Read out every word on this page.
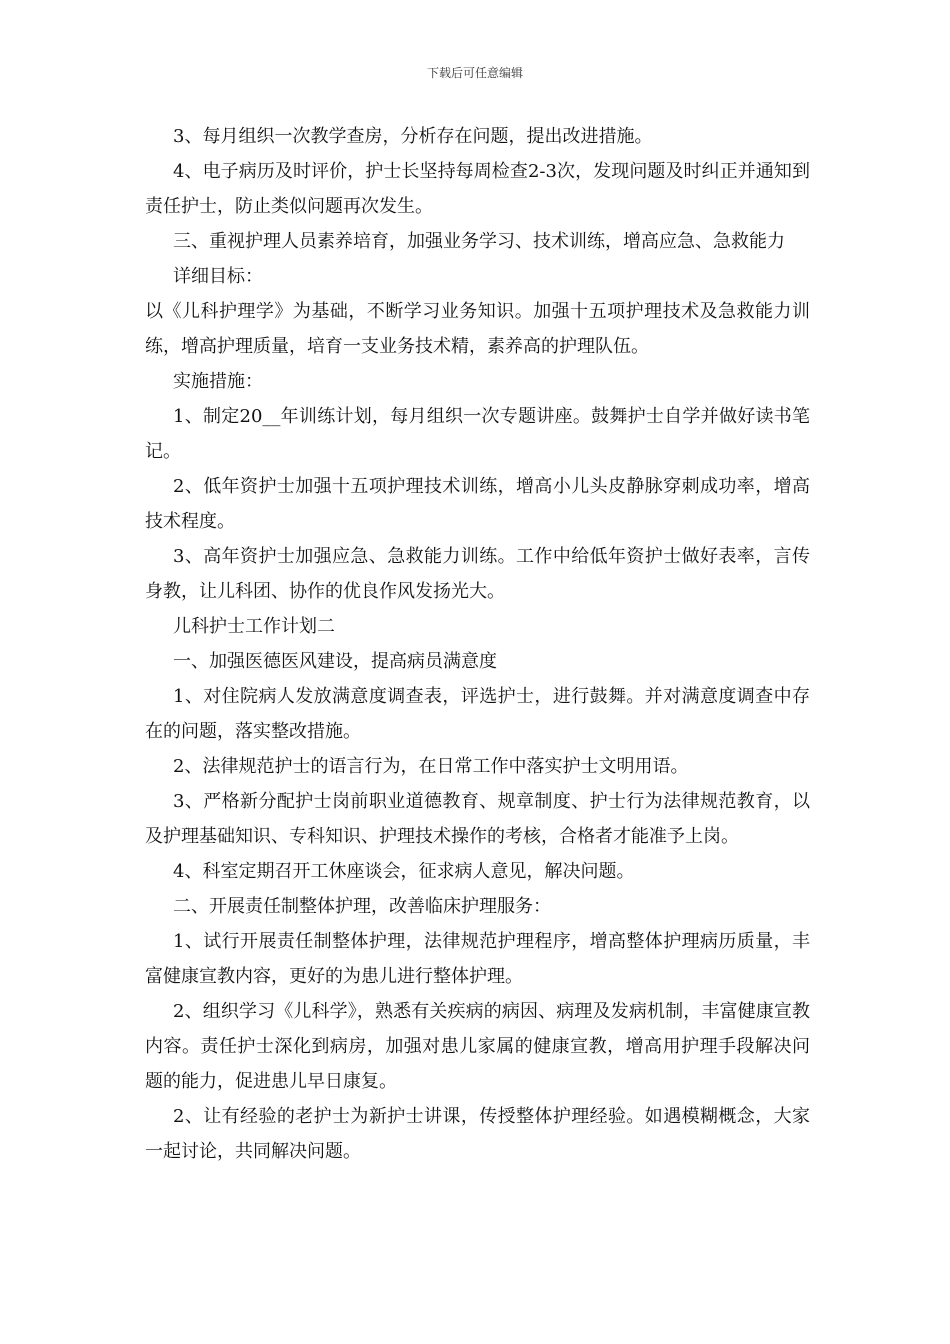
下载后可任意编辑

3、每月组织一次教学查房，分析存在问题，提出改进措施。

4、电子病历及时评价，护士长坚持每周检查2-3次，发现问题及时纠正并通知到责任护士，防止类似问题再次发生。

三、重视护理人员素养培育，加强业务学习、技术训练，增高应急、急救能力

详细目标：

以《儿科护理学》为基础，不断学习业务知识。加强十五项护理技术及急救能力训练，增高护理质量，培育一支业务技术精，素养高的护理队伍。

实施措施：

1、制定20__年训练计划，每月组织一次专题讲座。鼓舞护士自学并做好读书笔记。

2、低年资护士加强十五项护理技术训练，增高小儿头皮静脉穿刺成功率，增高技术程度。

3、高年资护士加强应急、急救能力训练。工作中给低年资护士做好表率，言传身教，让儿科团、协作的优良作风发扬光大。

儿科护士工作计划二

一、加强医德医风建设，提高病员满意度

1、对住院病人发放满意度调查表，评选护士，进行鼓舞。并对满意度调查中存在的问题，落实整改措施。

2、法律规范护士的语言行为，在日常工作中落实护士文明用语。

3、严格新分配护士岗前职业道德教育、规章制度、护士行为法律规范教育，以及护理基础知识、专科知识、护理技术操作的考核，合格者才能准予上岗。

4、科室定期召开工休座谈会，征求病人意见，解决问题。

二、开展责任制整体护理，改善临床护理服务：

1、试行开展责任制整体护理，法律规范护理程序，增高整体护理病历质量，丰富健康宣教内容，更好的为患儿进行整体护理。

2、组织学习《儿科学》，熟悉有关疾病的病因、病理及发病机制，丰富健康宣教内容。责任护士深化到病房，加强对患儿家属的健康宣教，增高用护理手段解决问题的能力，促进患儿早日康复。

2、让有经验的老护士为新护士讲课，传授整体护理经验。如遇模糊概念，大家一起讨论，共同解决问题。
